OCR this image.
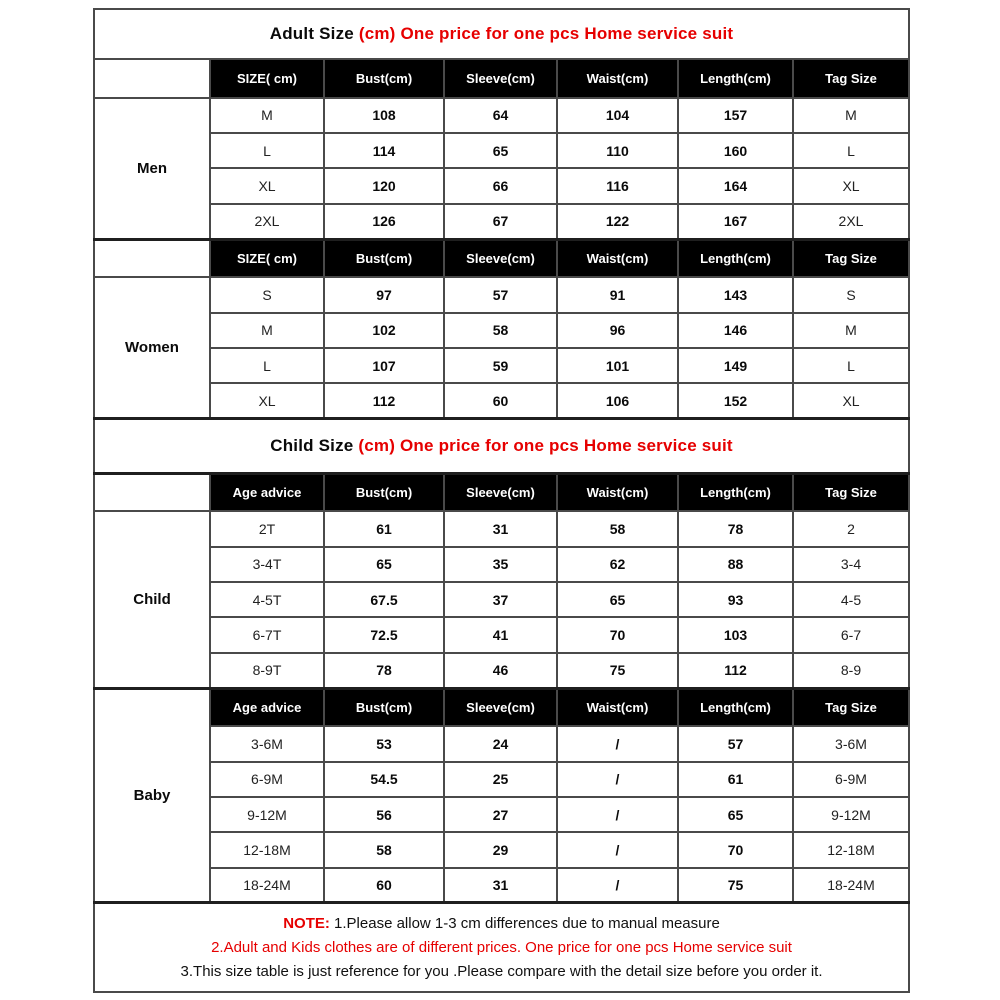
Adult Size (cm) One price for one pcs Home service suit						
	SIZE( cm)	Bust(cm)	Sleeve(cm)	Waist(cm)	Length(cm)	Tag Size
Men	M	108	64	104	157	M
	L	114	65	110	160	L
	XL	120	66	116	164	XL
	2XL	126	67	122	167	2XL
	SIZE( cm)	Bust(cm)	Sleeve(cm)	Waist(cm)	Length(cm)	Tag Size
Women	S	97	57	91	143	S
	M	102	58	96	146	M
	L	107	59	101	149	L
	XL	112	60	106	152	XL
Child Size (cm) One price for one pcs Home service suit						
	Age advice	Bust(cm)	Sleeve(cm)	Waist(cm)	Length(cm)	Tag Size
Child	2T	61	31	58	78	2
	3-4T	65	35	62	88	3-4
	4-5T	67.5	37	65	93	4-5
	6-7T	72.5	41	70	103	6-7
	8-9T	78	46	75	112	8-9
Baby	Age advice	Bust(cm)	Sleeve(cm)	Waist(cm)	Length(cm)	Tag Size
	3-6M	53	24	/	57	3-6M
	6-9M	54.5	25	/	61	6-9M
	9-12M	56	27	/	65	9-12M
	12-18M	58	29	/	70	12-18M
	18-24M	60	31	/	75	18-24M

NOTE: 1.Please allow 1-3 cm differences due to manual measure
2.Adult and Kids clothes are of different prices. One price for one pcs Home service suit
3.This size table is just reference for you .Please compare with the detail size before you order it.						
